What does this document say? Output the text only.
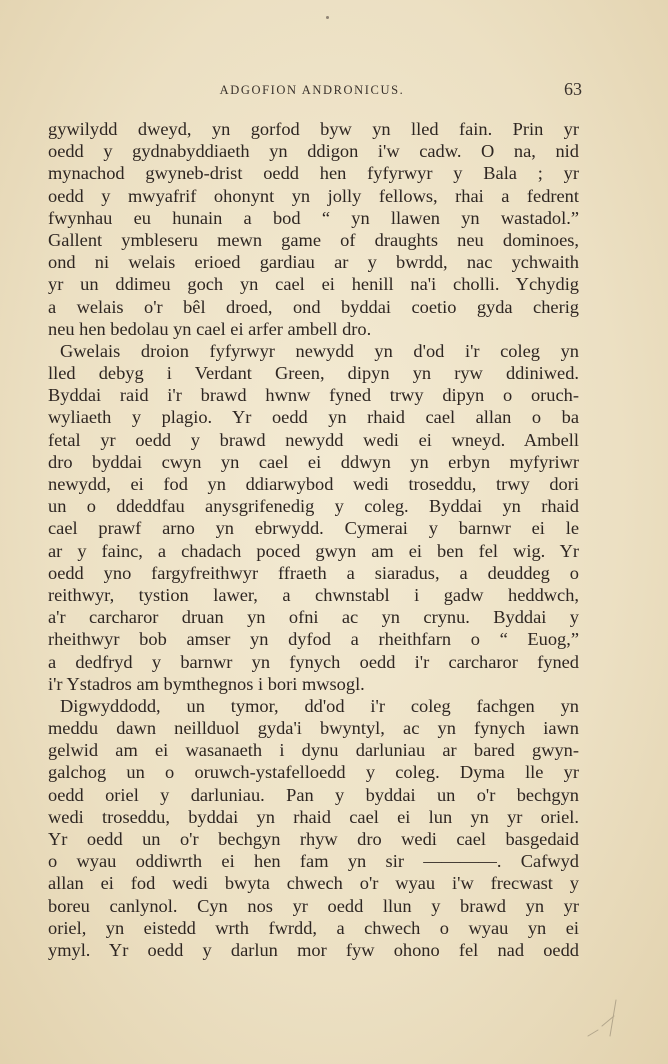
ADGOFION ANDRONICUS.	63
gywilydd dweyd, yn gorfod byw yn lled fain. Prin yr
oedd y gydnabyddiaeth yn ddigon i'w cadw. O na, nid
mynachod gwyneb-drist oedd hen fyfyrwyr y Bala ; yr
oedd y mwyafrif ohonynt yn jolly fellows, rhai a fedrent
fwynhau eu hunain a bod “ yn llawen yn wastadol.”
Gallent ymbleseru mewn game of draughts neu dominoes,
ond ni welais erioed gardiau ar y bwrdd, nac ychwaith
yr un ddimeu goch yn cael ei henill na'i cholli. Ychydig
a welais o'r bêl droed, ond byddai coetio gyda cherig
neu hen bedolau yn cael ei arfer ambell dro.
Gwelais droion fyfyrwyr newydd yn d'od i'r coleg yn
lled debyg i Verdant Green, dipyn yn ryw ddiniwed.
Byddai raid i'r brawd hwnw fyned trwy dipyn o oruch-
wyliaeth y plagio. Yr oedd yn rhaid cael allan o ba
fetal yr oedd y brawd newydd wedi ei wneyd. Ambell
dro byddai cwyn yn cael ei ddwyn yn erbyn myfyriwr
newydd, ei fod yn ddiarwybod wedi troseddu, trwy dori
un o ddeddfau anysgrifenedig y coleg. Byddai yn rhaid
cael prawf arno yn ebrwydd. Cymerai y barnwr ei le
ar y fainc, a chadach poced gwyn am ei ben fel wig. Yr
oedd yno fargyfreithwyr ffraeth a siaradus, a deuddeg o
reithwyr, tystion lawer, a chwnstabl i gadw heddwch,
a'r carcharor druan yn ofni ac yn crynu. Byddai y
rheithwyr bob amser yn dyfod a rheithfarn o “ Euog,”
a dedfryd y barnwr yn fynych oedd i'r carcharor fyned
i'r Ystadros am bymthegnos i bori mwsogl.
Digwyddodd, un tymor, dd'od i'r coleg fachgen yn
meddu dawn neillduol gyda'i bwyntyl, ac yn fynych iawn
gelwid am ei wasanaeth i dynu darluniau ar bared gwyn-
galchog un o oruwch-ystafelloedd y coleg. Dyma lle yr
oedd oriel y darluniau. Pan y byddai un o'r bechgyn
wedi troseddu, byddai yn rhaid cael ei lun yn yr oriel.
Yr oedd un o'r bechgyn rhyw dro wedi cael basgedaid
o wyau oddiwrth ei hen fam yn sir ————. Cafwyd
allan ei fod wedi bwyta chwech o'r wyau i'w frecwast y
boreu canlynol. Cyn nos yr oedd llun y brawd yn yr
oriel, yn eistedd wrth fwrdd, a chwech o wyau yn ei
ymyl. Yr oedd y darlun mor fyw ohono fel nad oedd
